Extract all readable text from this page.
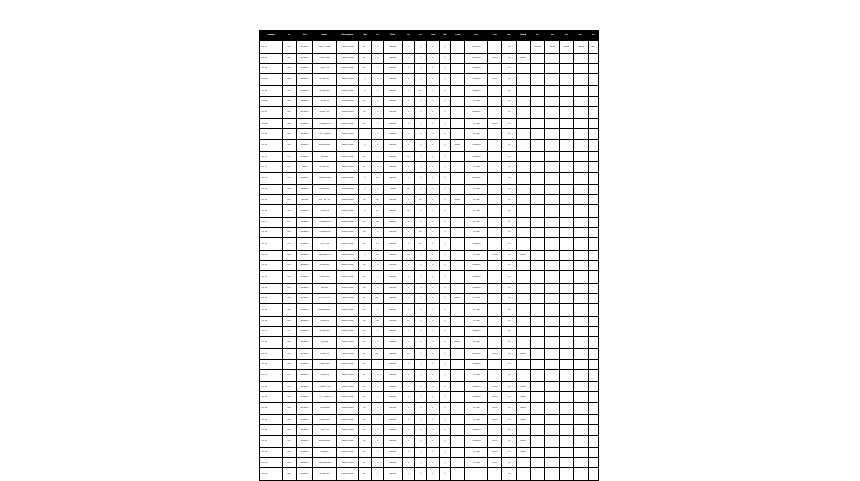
Sample	ID	Lot	Name	Description	Grp	Ch	Date	Q1	Q2	Run	Set	Code	Pos	Ref	Loc	Batch	A1	A2	A3	A4	A5
S-0 01	001	0000000	0000 · 00000	000000 0000	00	0	000000	0	0	0	0		0000000		00		000000	00000	00000	00000	000
S-0 02	002	0000000	000 0 0000	000000 0000	00	0	000000	0	0	0	0		0000000	00 00	00	00000					
S-0 03	003	0000000	0000 · 00	000000 0000	00	0	000000	0	0	0	0		0000000		00						
S-0 04	004	0000000	000000 00	000000 0000	0	0	000000	0	0	0	0		0000000	00 00	00						
S-0 05	005	0000000	000000 00	000000 0000	0	0	000000	0	00	0	0		0000000		00						
S-0 06	006	0000000	00000 00	000000 0000	00	0	000000	0	0	0	0		00 000		00						
S-0 07	007	0000000	00000 · 00	000000 0000	00	0	000000	0	0	0	0		0000000		00						
S-0 08	008	0000000	0000000 00	000000 0000	00	0	000000	0	0	0	0		00 000	00 00	00						
S-0 09	009	0000000	00 · 000000	000000 0000		0	000000	0	0	0	0		00 000		00						
S-0 10	010	0000000	0000000000	000000 0000	0	0	000000	0	0	0	0	00000	0000000		00						
S-0 11	011	0000000	000000	000000 0000	00	0	000000	00	0	0	0		0000000		00						
S-0 12	012	0000	000000 00	000000 0000	00	0	000000	0	0	0	0		00 000		00						
S-0 13	013	0000000	00000000000	000000 0000	0	00	000000	0	0	0	0		0000000		00						
S-0 14	014	0000000	000000 00	000000 0000	0	0	00000	00	0	0	0		00 000		00						
S-0 15	015	000000	000 · 00 · 00	000000 0000	00	00	000000	0	00	0	0	00000	00 000		00						
S-0 16	016	0000000	00000 00	000000 0000	0	00	000000	00	0	0	0		00 000		00						
S-0 17	017	0000000	0000000 00	000000 0000	00	00	000000	0	0	0	0		00 000		00						
S-0 18	018	0000000	0000000 00	000000 0000	00	0	000000	0	00	0	0		00 000		00						
S-0 19	019	0000000	000 · 000	000000 0000	00	00	000000	0	00	0	0		0000000		00						
S-0 20	020	0000000	00000000 00	000000 0000	0	00	000000	00	0	0	0		00 000	00 00	00	00000					
S-0 21	021	0000000	000000 00	000000 0000	00	0	000000	0	0	0	0		0000000		00						
S-0 22	022	0000000	000000 00	000000 0000	00	0	000000	0	0	0	0		0000000		00						
S-0 23	023	0000000	000000	000000 0000	00	0	000000	0	0	0	0		0000000		00						
S-0 24	024	0000000	0 0 0 0 0 0 0	000000 0000	00	00	000000	0	0	0	0	00000	00 000		00						
S-0 25	025	0000000	0000000000	000000 0000	00	0	000000	0	0	0	0		00 000		00						
S-0 26	026	0000000	00000 00	000000 0000	00	00	000000	00	0	0	0		00 000		00						
S-0 27	027	0000000	000000 00	000000 0000	00	0	000000	0	0	0	0		0000000		00						
S-0 28	028	0000000	000000	000000 0000	00	0	000000	0	0	0	0	00000	00 000		00						
S-0 29	029	0000000	0000 · 00	000000 0000	00	00	000000	00	0	0	0		0000000	00 00	00	00000					
S-0 30	030	0000000	0000 0000	000000 0000	00	0	000000	0	0	0	0		0000000		00						
S-0 31	031	0000000	00000 00	000000 0000	00	0	000000	0	0	0	0		00 000		00						
S-0 32	032	0000000	000000 · 00	000000 0000	00	0	000000	0	0	0	0		0000000	00 00	00	00000					
S-0 33	033	0000000	00 · 000000	000000 0000	00	0	000000	0	0	0	0		0000000	00 00	00	00000					
S-0 34	034	0000000	00000000	000000 0000	00	0	000000	0	0	0	0		00 000	00 00	00	00000					
S-0 35	035	0000000	000000 00	000000 0000	00	0	000000	0	0	0	0		00 000	00 00	00	00000					
S-0 36	036	0000000	000 · 00	000000 0000	00	0	000000	0	0	0	0		0000000		00						
S-0 37	037	0000000	0000000000	000000 0000	00	0	000000	0	0	0	0		0000000	00 00	00	00000					
S-0 38	038	0000000	0000000	000000 0000	00	0	000000	0	0	0	0		00 000	00 00	00	00000					
S-0 39	039	0000000	00000000000	000000 0000	00	0	000000	0	0	0	0		00 000	00 00	00						
S-0 40	040	0000000	000000 00	000000 0000	00	0	000000	0	0	0	0				00						
